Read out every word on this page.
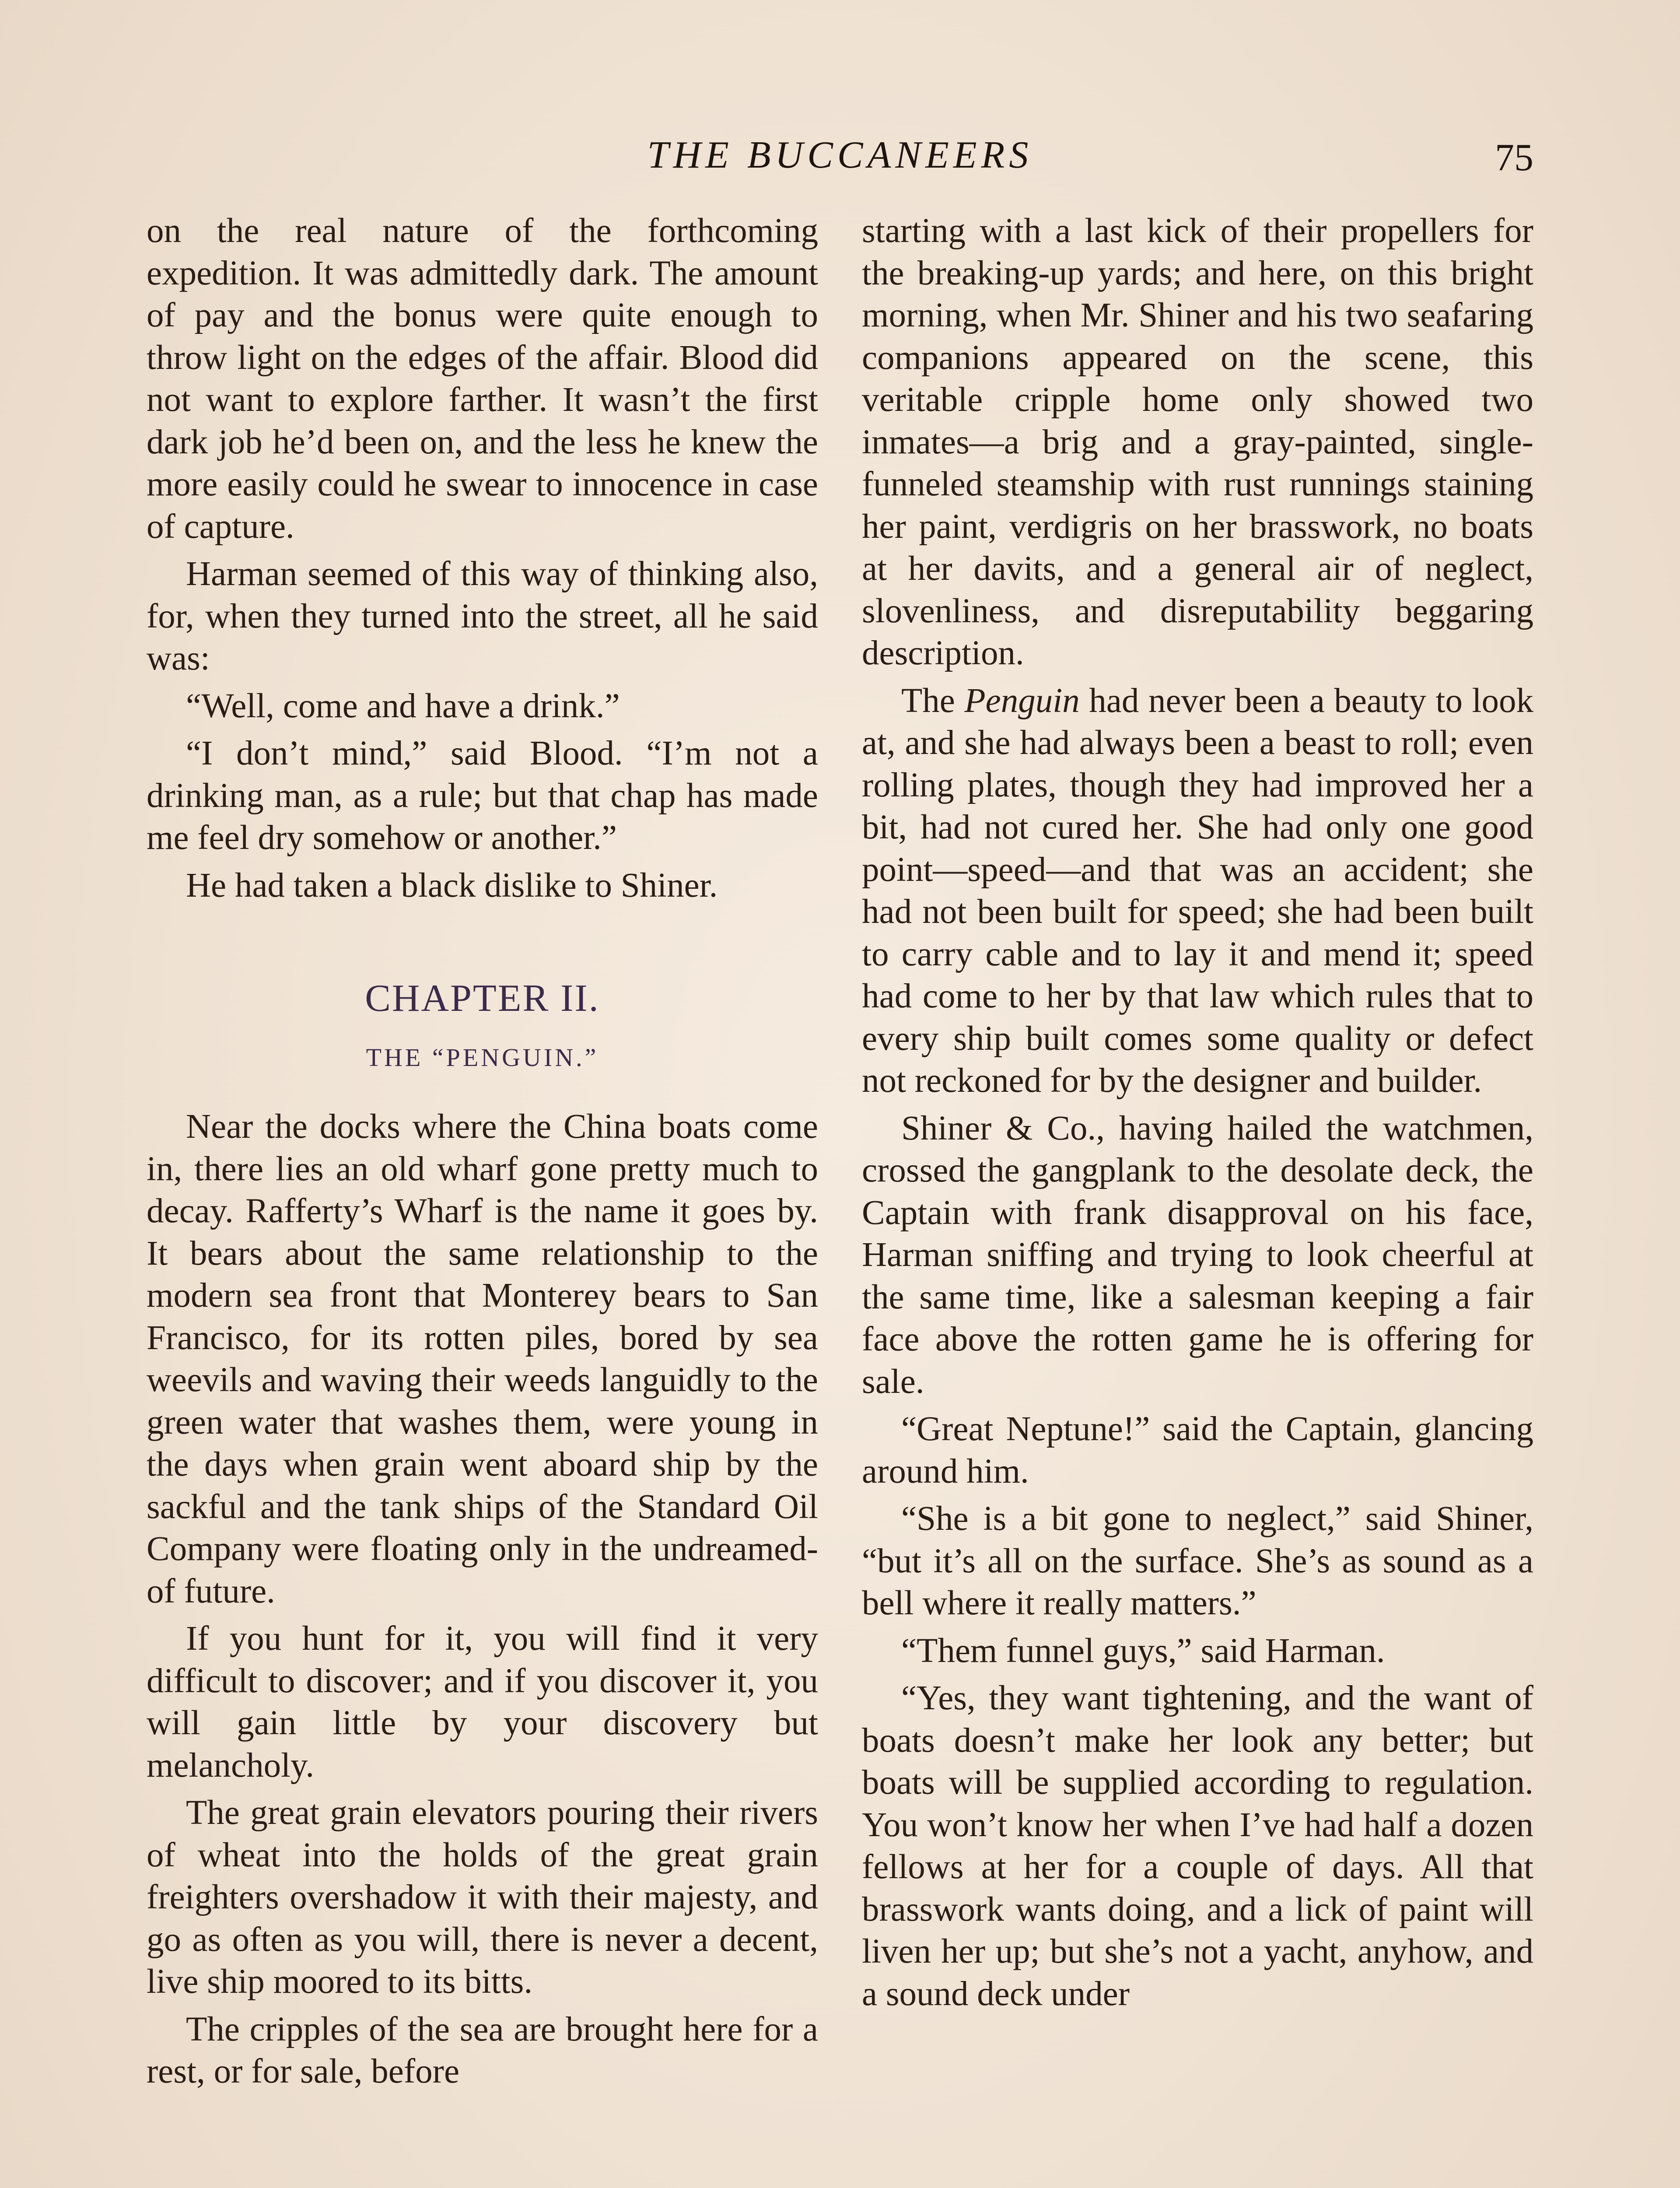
THE BUCCANEERS	75

on the real nature of the forthcoming expedition. It was admittedly dark. The amount of pay and the bonus were quite enough to throw light on the edges of the affair. Blood did not want to explore farther. It wasn’t the first dark job he’d been on, and the less he knew the more easily could he swear to innocence in case of capture.

Harman seemed of this way of thinking also, for, when they turned into the street, all he said was:

“Well, come and have a drink.”

“I don’t mind,” said Blood. “I’m not a drinking man, as a rule; but that chap has made me feel dry somehow or another.”

He had taken a black dislike to Shiner.

CHAPTER II.
THE “PENGUIN.”

Near the docks where the China boats come in, there lies an old wharf gone pretty much to decay. Rafferty’s Wharf is the name it goes by. It bears about the same relationship to the modern sea front that Monterey bears to San Francisco, for its rotten piles, bored by sea weevils and waving their weeds languidly to the green water that washes them, were young in the days when grain went aboard ship by the sackful and the tank ships of the Standard Oil Company were floating only in the undreamed-of future.

If you hunt for it, you will find it very difficult to discover; and if you discover it, you will gain little by your discovery but melancholy.

The great grain elevators pouring their rivers of wheat into the holds of the great grain freighters overshadow it with their majesty, and go as often as you will, there is never a decent, live ship moored to its bitts.

The cripples of the sea are brought here for a rest, or for sale, before

starting with a last kick of their propellers for the breaking-up yards; and here, on this bright morning, when Mr. Shiner and his two seafaring companions appeared on the scene, this veritable cripple home only showed two inmates—a brig and a gray-painted, single-funneled steamship with rust runnings staining her paint, verdigris on her brasswork, no boats at her davits, and a general air of neglect, slovenliness, and disreputability beggaring description.

The Penguin had never been a beauty to look at, and she had always been a beast to roll; even rolling plates, though they had improved her a bit, had not cured her. She had only one good point—speed—and that was an accident; she had not been built for speed; she had been built to carry cable and to lay it and mend it; speed had come to her by that law which rules that to every ship built comes some quality or defect not reckoned for by the designer and builder.

Shiner & Co., having hailed the watchmen, crossed the gangplank to the desolate deck, the Captain with frank disapproval on his face, Harman sniffing and trying to look cheerful at the same time, like a salesman keeping a fair face above the rotten game he is offering for sale.

“Great Neptune!” said the Captain, glancing around him.

“She is a bit gone to neglect,” said Shiner, “but it’s all on the surface. She’s as sound as a bell where it really matters.”

“Them funnel guys,” said Harman.

“Yes, they want tightening, and the want of boats doesn’t make her look any better; but boats will be supplied according to regulation. You won’t know her when I’ve had half a dozen fellows at her for a couple of days. All that brasswork wants doing, and a lick of paint will liven her up; but she’s not a yacht, anyhow, and a sound deck under
